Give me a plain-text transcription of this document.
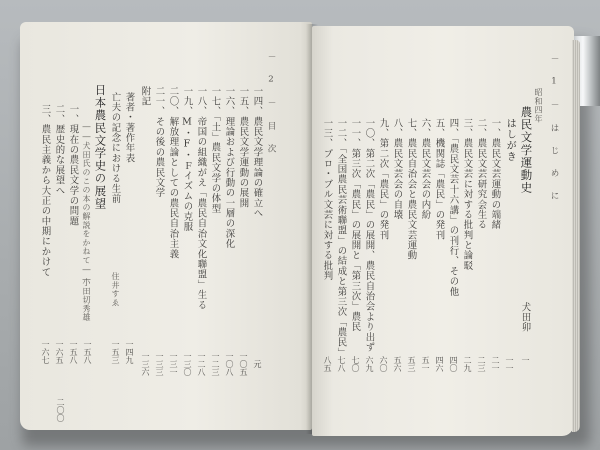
－ 2 － 目 次
一四、農民文学理論の確立へ
元
一五、農民文学運動の展開
一〇五
一六、理論および行動の一層の深化
一〇八
一七、「土」農民文学の体型
一二三
一八、帝国の組織がえ「農民自治文化聯盟」生る
一二八
一九、M・F・Ｆイズムの克服
一三〇
二〇、解放理論としての農民自治主義
一三一
二一、その後の農民文学
一三三
附記
一三六
著者・著作年表
一四九
亡夫の記念における生前
住井すゑ
一五三
日本農民文学史の展望
――犬田氏のこの本の解説をかねて――
小田切秀雄
一五八
一、現在の農民文学の問題
一五八
二、歴史的な展望へ
一六五
三、農民主義から大正の中期にかけて
一六七
二〇〇
－ 1 － は じ め に
昭和四年
農民文学運動史
犬田卯
一
はしがき
一一
一、農民文芸運動の端緒
二一
二、農民文芸研究会生る
二三
三、農民文芸に対する批判と論駁
二九
四、「農民文芸十六講」の刊行、その他
四〇
五、機関誌「農民」の発刊
四六
六、農民文芸会の内紛
五一
七、農民自治会と農民文芸運動
五三
八、農民文芸会の自壊
五六
九、第二次「農民」の発刊
六〇
一〇、第二次「農民」の展開、農民自治会より出ず
六九
一一、第三次「農民」の展開と「第三次」農民
七〇
一二、「全国農民芸術聯盟」の結成と第三次「農民」
七八
一三、プロ・ブル文芸に対する批判
八五
